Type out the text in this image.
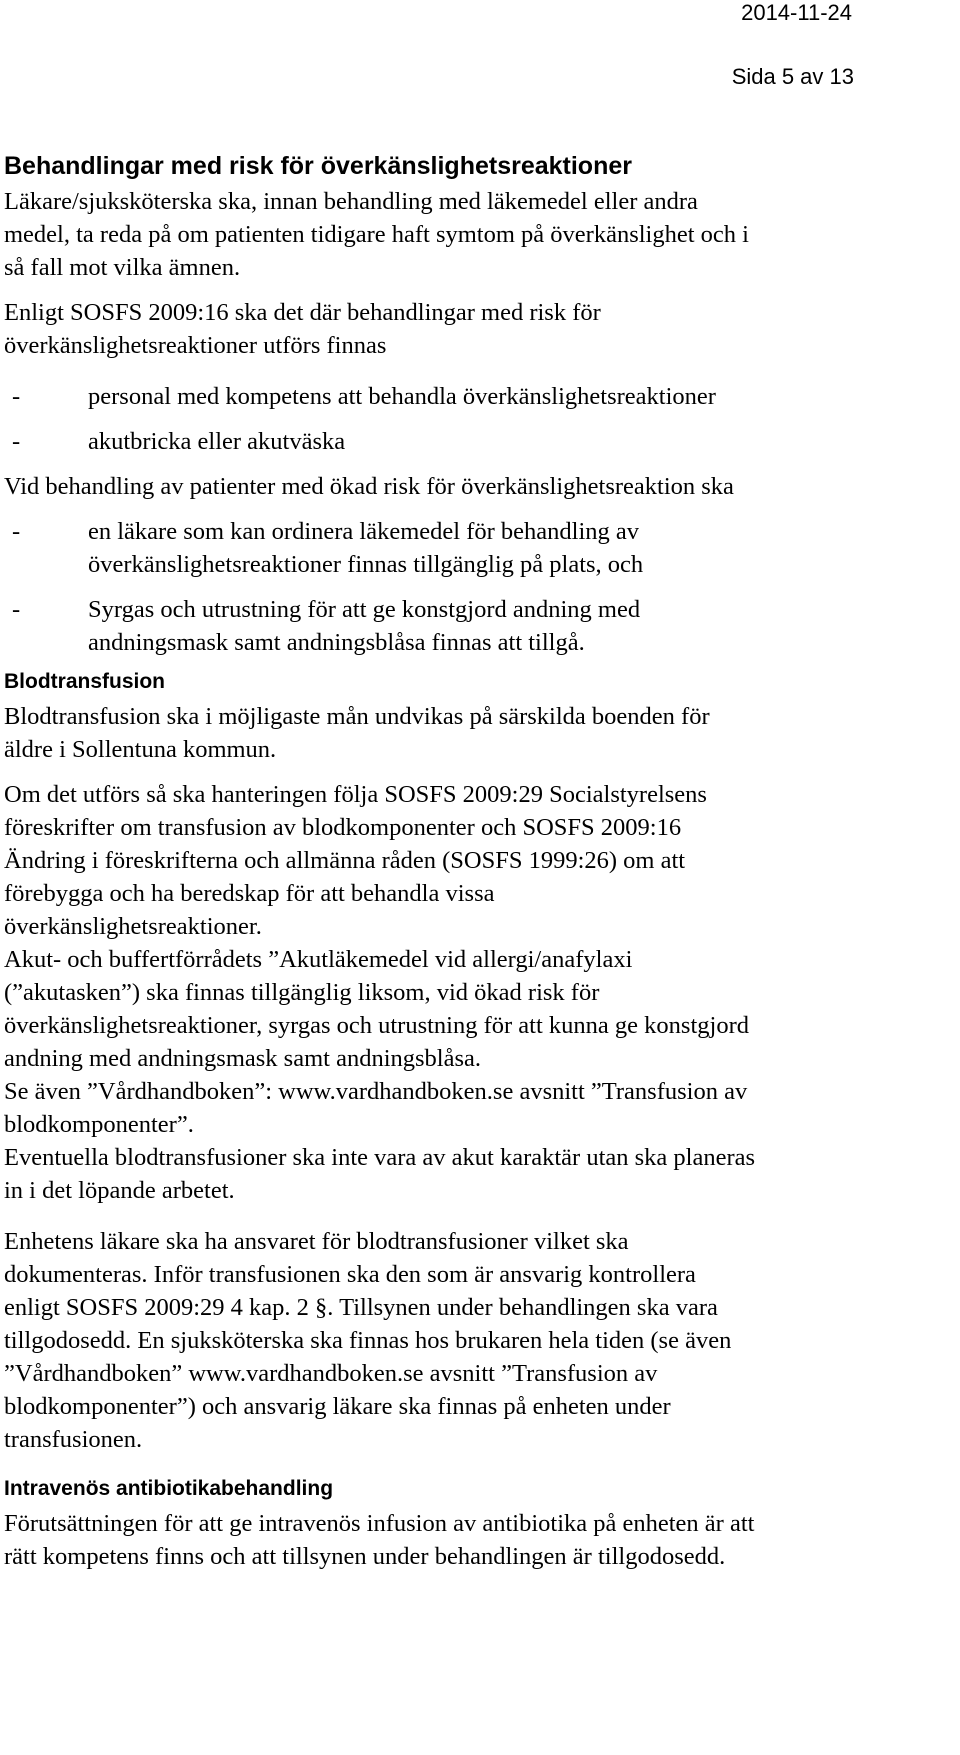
2014-11-24
Sida 5 av 13
Behandlingar med risk för överkänslighetsreaktioner

Läkare/sjuksköterska ska, innan behandling med läkemedel eller andra
medel, ta reda på om patienten tidigare haft symtom på överkänslighet och i
så fall mot vilka ämnen.

Enligt SOSFS 2009:16 ska det där behandlingar med risk för
överkänslighetsreaktioner utförs finnas

-	personal med kompetens att behandla överkänslighetsreaktioner

-	akutbricka eller akutväska

Vid behandling av patienter med ökad risk för överkänslighetsreaktion ska

-	en läkare som kan ordinera läkemedel för behandling av
överkänslighetsreaktioner finnas tillgänglig på plats, och

-	Syrgas och utrustning för att ge konstgjord andning med
andningsmask samt andningsblåsa finnas att tillgå.

Blodtransfusion

Blodtransfusion ska i möjligaste mån undvikas på särskilda boenden för
äldre i Sollentuna kommun.

Om det utförs så ska hanteringen följa SOSFS 2009:29 Socialstyrelsens
föreskrifter om transfusion av blodkomponenter och SOSFS 2009:16
Ändring i föreskrifterna och allmänna råden (SOSFS 1999:26) om att
förebygga och ha beredskap för att behandla vissa
överkänslighetsreaktioner.
Akut- och buffertförrådets ”Akutläkemedel vid allergi/anafylaxi
(”akutasken”) ska finnas tillgänglig liksom, vid ökad risk för
överkänslighetsreaktioner, syrgas och utrustning för att kunna ge konstgjord
andning med andningsmask samt andningsblåsa.
Se även ”Vårdhandboken”: www.vardhandboken.se avsnitt ”Transfusion av
blodkomponenter”.
Eventuella blodtransfusioner ska inte vara av akut karaktär utan ska planeras
in i det löpande arbetet.

Enhetens läkare ska ha ansvaret för blodtransfusioner vilket ska
dokumenteras. Inför transfusionen ska den som är ansvarig kontrollera
enligt SOSFS 2009:29 4 kap. 2 §. Tillsynen under behandlingen ska vara
tillgodosedd. En sjuksköterska ska finnas hos brukaren hela tiden (se även
”Vårdhandboken” www.vardhandboken.se avsnitt ”Transfusion av
blodkomponenter”) och ansvarig läkare ska finnas på enheten under
transfusionen.

Intravenös antibiotikabehandling

Förutsättningen för att ge intravenös infusion av antibiotika på enheten är att
rätt kompetens finns och att tillsynen under behandlingen är tillgodosedd.
